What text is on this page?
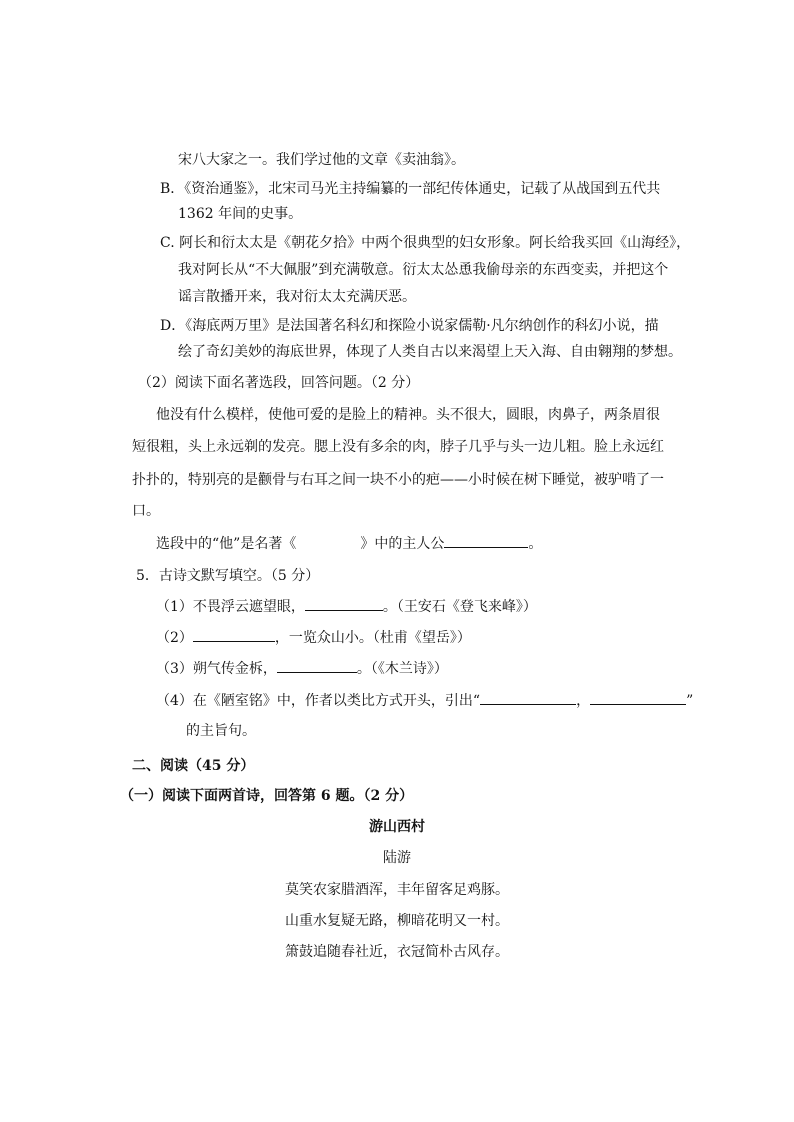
宋八大家之一。我们学过他的文章《卖油翁》。
B．《资治通鉴》，北宋司马光主持编纂的一部纪传体通史，记载了从战国到五代共
1362 年间的史事。
C. 阿长和衍太太是《朝花夕拾》中两个很典型的妇女形象。阿长给我买回《山海经》，
我对阿长从“不大佩服”到充满敬意。衍太太怂恿我偷母亲的东西变卖，并把这个
谣言散播开来，我对衍太太充满厌恶。
D．《海底两万里》是法国著名科幻和探险小说家儒勒·凡尔纳创作的科幻小说，描
绘了奇幻美妙的海底世界，体现了人类自古以来渴望上天入海、自由翱翔的梦想。
（2）阅读下面名著选段，回答问题。（2 分）
他没有什么模样，使他可爱的是脸上的精神。头不很大，圆眼，肉鼻子，两条眉很
短很粗，头上永远剃的发亮。腮上没有多余的肉，脖子几乎与头一边儿粗。脸上永远红
扑扑的，特别亮的是颧骨与右耳之间一块不小的疤——小时候在树下睡觉，被驴啃了一
口。
选段中的“他”是名著《	》中的主人公	。
5．古诗文默写填空。（5 分）
（1）不畏浮云遮望眼，	。（王安石《登飞来峰》）
（2）	，一览众山小。（杜甫《望岳》）
（3）朔气传金柝，	。（《木兰诗》）
（4）在《陋室铭》中，作者以类比方式开头，引出“	，	”
的主旨句。
二、阅读（45 分）
（一）阅读下面两首诗，回答第 6 题。（2 分）
游山西村
陆游
莫笑农家腊酒浑，丰年留客足鸡豚。
山重水复疑无路，柳暗花明又一村。
箫鼓追随春社近，衣冠简朴古风存。
